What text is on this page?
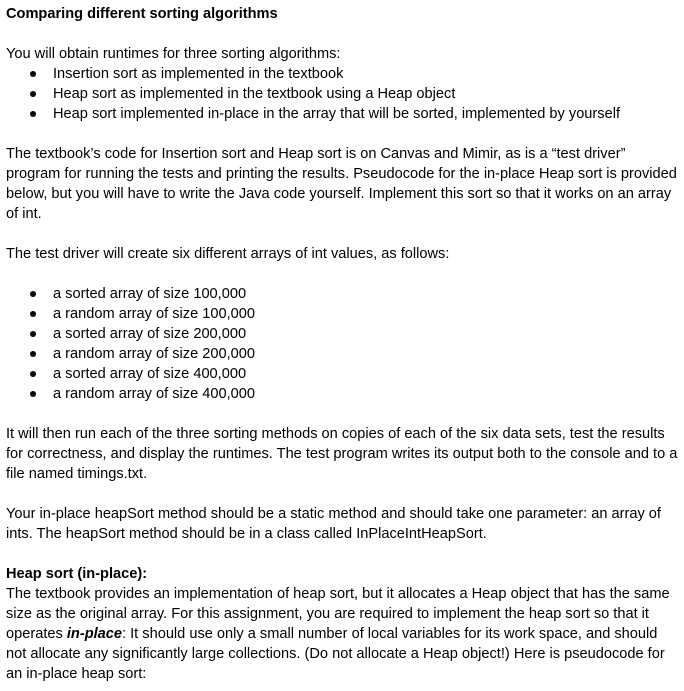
Comparing different sorting algorithms

You will obtain runtimes for three sorting algorithms:

Insertion sort as implemented in the textbook
Heap sort as implemented in the textbook using a Heap object
Heap sort implemented in-place in the array that will be sorted, implemented by yourself

The textbook’s code for Insertion sort and Heap sort is on Canvas and Mimir, as is a “test driver” program for running the tests and printing the results. Pseudocode for the in-place Heap sort is provided below, but you will have to write the Java code yourself. Implement this sort so that it works on an array of int.

The test driver will create six different arrays of int values, as follows:

a sorted array of size 100,000
a random array of size 100,000
a sorted array of size 200,000
a random array of size 200,000
a sorted array of size 400,000
a random array of size 400,000

It will then run each of the three sorting methods on copies of each of the six data sets, test the results for correctness, and display the runtimes. The test program writes its output both to the console and to a file named timings.txt.

Your in-place heapSort method should be a static method and should take one parameter: an array of ints. The heapSort method should be in a class called InPlaceIntHeapSort.

Heap sort (in-place):

The textbook provides an implementation of heap sort, but it allocates a Heap object that has the same size as the original array. For this assignment, you are required to implement the heap sort so that it operates in-place: It should use only a small number of local variables for its work space, and should not allocate any significantly large collections. (Do not allocate a Heap object!) Here is pseudocode for an in-place heap sort:
